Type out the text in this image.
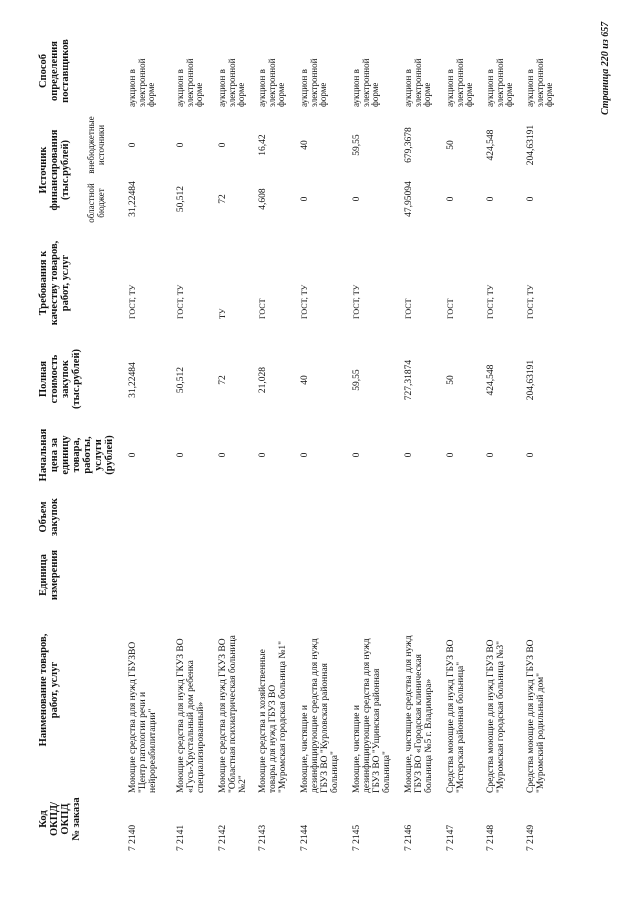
Код
ОКПД/
ОКПД
№ заказа
Наименование товаров,
работ, услуг
Единица
измерения
Объем
закупок
Начальная
цена за
единицу
товара,
работы,
услуги
(рублей)
Полная
стоимость
закупок
(тыс.рублей)
Требования к
качеству товаров,
работ, услуг
Источник
финансирования
(тыс.рублей)
областной
бюджет
внебюджетные
источники
Способ
определения
поставщиков
7 2140
Моющие средства для нужд ГБУЗВО
"Центр патологии речи и
нейрореабилитации"
0
31,22484
ГОСТ, ТУ
31,22484
0
аукцион в
электронной
форме
7 2141
Моющие средства для нужд ГКУЗ ВО
«Гусь-Хрустальный дом ребенка
специализированный»
0
50,512
ГОСТ, ТУ
50,512
0
аукцион в
электронной
форме
7 2142
Моющие средства для нужд ГКУЗ ВО
"Областная психиатрическая больница
№2"
0
72
ТУ
72
0
аукцион в
электронной
форме
7 2143
Моющие средства и хозяйственные
товары для нужд ГБУЗ ВО
"Муромская городская больница №1"
0
21,028
ГОСТ
4,608
16,42
аукцион в
электронной
форме
7 2144
Моющие, чистящие и
дезинфицирующие средства для нужд
ГБУЗ ВО "Курловская районная
больница"
0
40
ГОСТ, ТУ
0
40
аукцион в
электронной
форме
7 2145
Моющие, чистящие и
дезинфицирующие средства для нужд
ГБУЗ ВО "Ущинская районная
больница"
0
59,55
ГОСТ, ТУ
0
59,55
аукцион в
электронной
форме
7 2146
Моющие, чистящие средства для нужд
ГБУЗ ВО «Городская клиническая
больница №5 г. Владимира»
0
727,31874
ГОСТ
47,95094
679,3678
аукцион в
электронной
форме
7 2147
Средства моющие для нужд ГБУЗ ВО
"Мстерская районная больница"
0
50
ГОСТ
0
50
аукцион в
электронной
форме
7 2148
Средства моющие для нужд ГБУЗ ВО
"Муромская городская больница №3"
0
424,548
ГОСТ, ТУ
0
424,548
аукцион в
электронной
форме
7 2149
Средства моющие для нужд ГБУЗ ВО
"Муромский родильный дом"
0
204,63191
ГОСТ, ТУ
0
204,63191
аукцион в
электронной
форме	Страница 220 из 657
